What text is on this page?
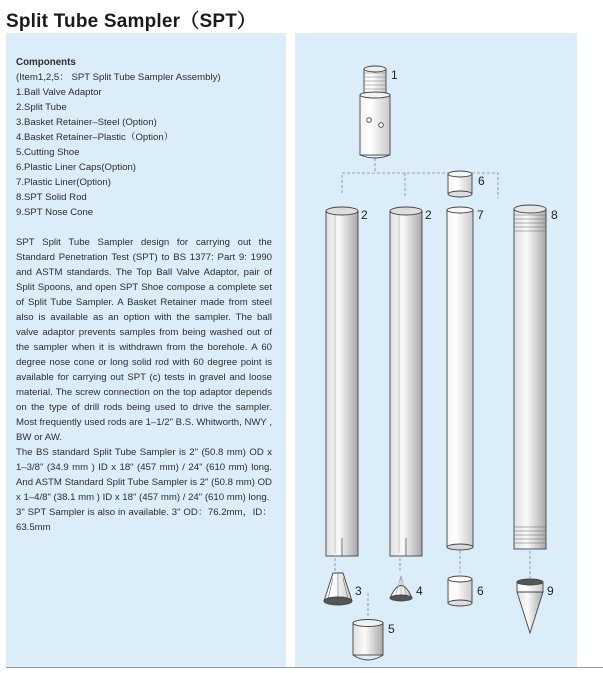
Split Tube Sampler（SPT）
Components
(Item1,2,5： SPT Split Tube Sampler Assembly)
1.Ball Valve Adaptor
2.Split Tube
3.Basket Retainer–Steel (Option)
4.Basket Retainer–Plastic（Option）
5.Cutting Shoe
6.Plastic Liner Caps(Option)
7.Plastic Liner(Option)
8.SPT Solid Rod
9.SPT Nose Cone

SPT Split Tube Sampler design for carrying out the Standard Penetration Test (SPT) to BS 1377: Part 9: 1990 and ASTM standards. The Top Ball Valve Adaptor, pair of Split Spoons, and open SPT Shoe compose a complete set of Split Tube Sampler. A Basket Retainer made from steel also is available as an option with the sampler. The ball valve adaptor prevents samples from being washed out of the sampler when it is withdrawn from the borehole. A 60 degree nose cone or long solid rod with 60 degree point is available for carrying out SPT (c) tests in gravel and loose material. The screw connection on the top adaptor depends on the type of drill rods being used to drive the sampler. Most frequently used rods are 1–1/2" B.S. Whitworth, NWY , BW or AW.

The BS standard Split Tube Sampler is 2" (50.8 mm) OD x 1–3/8" (34.9 mm ) ID x 18" (457 mm) / 24" (610 mm) long. And ASTM Standard Split Tube Sampler is 2" (50.8 mm) OD x 1–4/8" (38.1 mm ) ID x 18" (457 mm) / 24" (610 mm) long.

3" SPT Sampler is also in available. 3" OD：76.2mm，ID：63.5mm

1
2	2
6
7	8
3	4	6	9
5
